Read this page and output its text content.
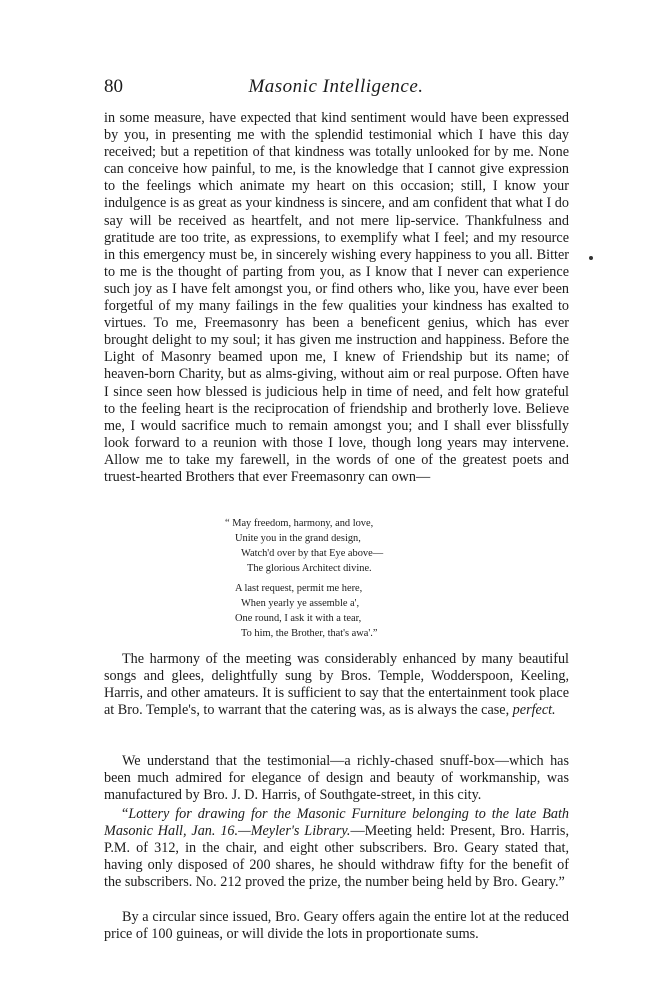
80	Masonic Intelligence.

in some measure, have expected that kind sentiment would have been expressed by you, in presenting me with the splendid testimonial which I have this day received; but a repetition of that kindness was totally unlooked for by me. None can conceive how painful, to me, is the knowledge that I cannot give expression to the feelings which animate my heart on this occasion; still, I know your indulgence is as great as your kindness is sincere, and am confident that what I do say will be received as heartfelt, and not mere lip-service. Thankfulness and gratitude are too trite, as expressions, to exemplify what I feel; and my resource in this emergency must be, in sincerely wishing every happiness to you all. Bitter to me is the thought of parting from you, as I know that I never can experience such joy as I have felt amongst you, or find others who, like you, have ever been forgetful of my many failings in the few qualities your kindness has exalted to virtues. To me, Freemasonry has been a beneficent genius, which has ever brought delight to my soul; it has given me instruction and happiness. Before the Light of Masonry beamed upon me, I knew of Friendship but its name; of heaven-born Charity, but as alms-giving, without aim or real purpose. Often have I since seen how blessed is judicious help in time of need, and felt how grateful to the feeling heart is the reciprocation of friendship and brotherly love. Believe me, I would sacrifice much to remain amongst you; and I shall ever blissfully look forward to a reunion with those I love, though long years may intervene. Allow me to take my farewell, in the words of one of the greatest poets and truest-hearted Brothers that ever Freemasonry can own—

“ May freedom, harmony, and love,
Unite you in the grand design,
Watch'd over by that Eye above—
The glorious Architect divine.
A last request, permit me here,
When yearly ye assemble a',
One round, I ask it with a tear,
To him, the Brother, that's awa'.”

The harmony of the meeting was considerably enhanced by many beautiful songs and glees, delightfully sung by Bros. Temple, Wodderspoon, Keeling, Harris, and other amateurs. It is sufficient to say that the entertainment took place at Bro. Temple's, to warrant that the catering was, as is always the case, perfect.

We understand that the testimonial—a richly-chased snuff-box—which has been much admired for elegance of design and beauty of workmanship, was manufactured by Bro. J. D. Harris, of Southgate-street, in this city.

“Lottery for drawing for the Masonic Furniture belonging to the late Bath Masonic Hall, Jan. 16.—Meyler's Library.—Meeting held: Present, Bro. Harris, P.M. of 312, in the chair, and eight other subscribers. Bro. Geary stated that, having only disposed of 200 shares, he should withdraw fifty for the benefit of the subscribers. No. 212 proved the prize, the number being held by Bro. Geary.”

By a circular since issued, Bro. Geary offers again the entire lot at the reduced price of 100 guineas, or will divide the lots in proportionate sums.
